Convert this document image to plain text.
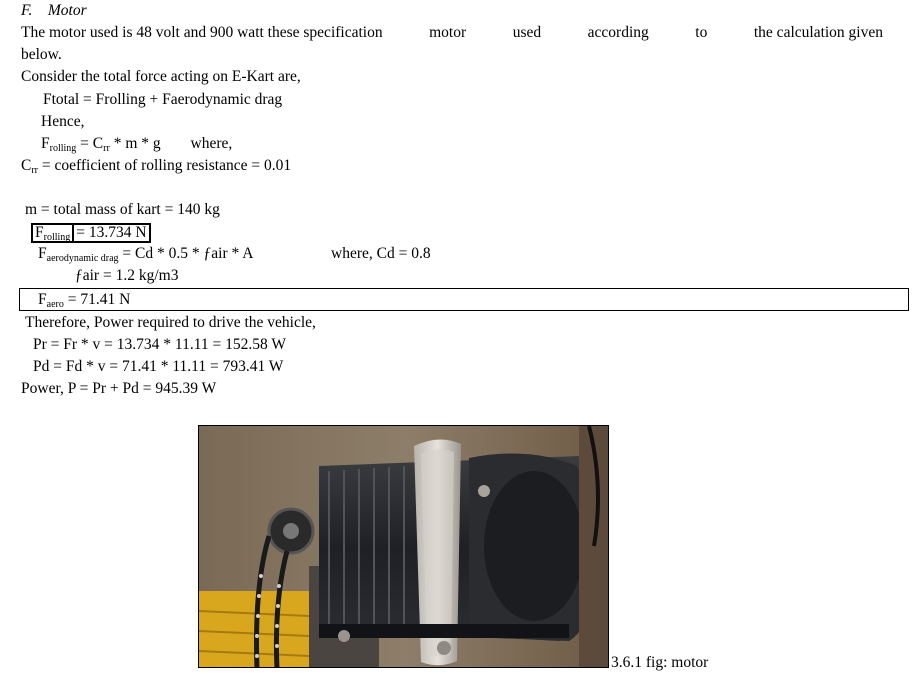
F. Motor
The motor used is 48 volt and 900 watt these specification	motor	used	according	to	the calculation given
below.
Consider the total force acting on E-Kart are,
Ftotal = Frolling + Faerodynamic drag
Hence,
$F_{rolling} = C_{rr} * m * g$ where,
$C_{rr}$ = coefficient of rolling resistance = 0.01
m = total mass of kart = 140 kg
$F_{rolling} = 13.734$ N
$F_{aerodynamic drag} = Cd * 0.5$ * ƒair * A	where, Cd = 0.8
ƒair = 1.2 kg/m3
$F_{aero} = 71.41$ N
Therefore, Power required to drive the vehicle,
Pr = Fr * v = 13.734 * 11.11 = 152.58 W
Pd = Fd * v = 71.41 * 11.11 = 793.41 W
Power, P = Pr + Pd = 945.39 W
3.6.1 fig: motor
